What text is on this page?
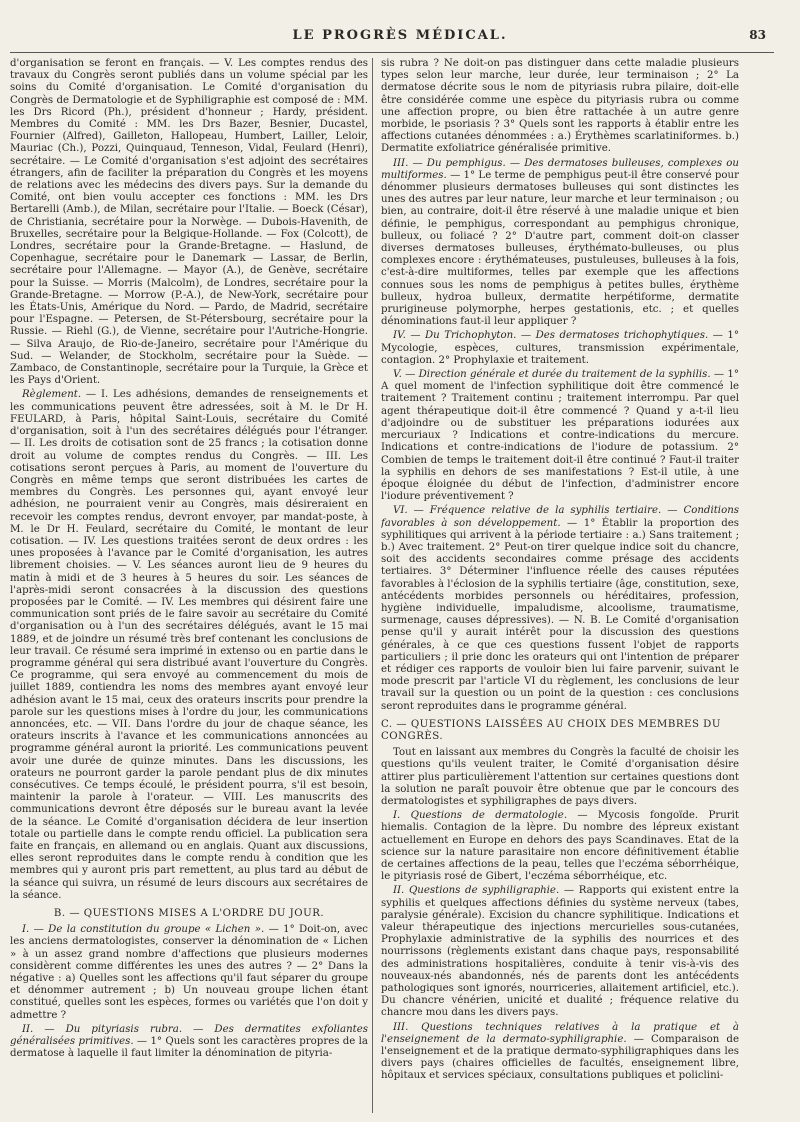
LE PROGRÈS MÉDICAL.	83

d'organisation se feront en français. — V. Les comptes rendus des travaux du Congrès seront publiés dans un volume spécial par les soins du Comité d'organisation. Le Comité d'organisation du Congrès de Dermatologie et de Syphiligraphie est composé de : MM. les Drs Ricord (Ph.), président d'honneur ; Hardy, président. Membres du Comité : MM. les Drs Bazer, Besnier, Ducastel, Fournier (Alfred), Gailleton, Hallopeau, Humbert, Lailler, Leloir, Mauriac (Ch.), Pozzi, Quinquaud, Tenneson, Vidal, Feulard (Henri), secrétaire. — Le Comité d'organisation s'est adjoint des secrétaires étrangers, afin de faciliter la préparation du Congrès et les moyens de relations avec les médecins des divers pays. Sur la demande du Comité, ont bien voulu accepter ces fonctions : MM. les Drs Bertarelli (Amb.), de Milan, secrétaire pour l'Italie. — Boeck (César), de Christiania, secrétaire pour la Norwège. — Dubois-Havenith, de Bruxelles, secrétaire pour la Belgique-Hollande. — Fox (Colcott), de Londres, secrétaire pour la Grande-Bretagne. — Haslund, de Copenhague, secrétaire pour le Danemark — Lassar, de Berlin, secrétaire pour l'Allemagne. — Mayor (A.), de Genève, secrétaire pour la Suisse. — Morris (Malcolm), de Londres, secrétaire pour la Grande-Bretagne. — Morrow (P.-A.), de New-York, secrétaire pour les États-Unis, Amérique du Nord. — Pardo, de Madrid, secrétaire pour l'Espagne. — Petersen, de St-Pétersbourg, secrétaire pour la Russie. — Riehl (G.), de Vienne, secrétaire pour l'Autriche-Hongrie. — Silva Araujo, de Rio-de-Janeiro, secrétaire pour l'Amérique du Sud. — Welander, de Stockholm, secrétaire pour la Suède. — Zambaco, de Constantinople, secrétaire pour la Turquie, la Grèce et les Pays d'Orient.

Règlement. — I. Les adhésions, demandes de renseignements et les communications peuvent être adressées, soit à M. le Dr H. FEULARD, à Paris, hôpital Saint-Louis, secrétaire du Comité d'organisation, soit à l'un des secrétaires délégués pour l'étranger. — II. Les droits de cotisation sont de 25 francs ; la cotisation donne droit au volume de comptes rendus du Congrès. — III. Les cotisations seront perçues à Paris, au moment de l'ouverture du Congrès en même temps que seront distribuées les cartes de membres du Congrès. Les personnes qui, ayant envoyé leur adhésion, ne pourraient venir au Congrès, mais désireraient en recevoir les comptes rendus, devront envoyer, par mandat-poste, à M. le Dr H. Feulard, secrétaire du Comité, le montant de leur cotisation. — IV. Les questions traitées seront de deux ordres : les unes proposées à l'avance par le Comité d'organisation, les autres librement choisies. — V. Les séances auront lieu de 9 heures du matin à midi et de 3 heures à 5 heures du soir. Les séances de l'après-midi seront consacrées à la discussion des questions proposées par le Comité. — IV. Les membres qui désirent faire une communication sont priés de le faire savoir au secrétaire du Comité d'organisation ou à l'un des secrétaires délégués, avant le 15 mai 1889, et de joindre un résumé très bref contenant les conclusions de leur travail. Ce résumé sera imprimé in extenso ou en partie dans le programme général qui sera distribué avant l'ouverture du Congrès. Ce programme, qui sera envoyé au commencement du mois de juillet 1889, contiendra les noms des membres ayant envoyé leur adhésion avant le 15 mai, ceux des orateurs inscrits pour prendre la parole sur les questions mises à l'ordre du jour, les communications annoncées, etc. — VII. Dans l'ordre du jour de chaque séance, les orateurs inscrits à l'avance et les communications annoncées au programme général auront la priorité. Les communications peuvent avoir une durée de quinze minutes. Dans les discussions, les orateurs ne pourront garder la parole pendant plus de dix minutes consécutives. Ce temps écoulé, le président pourra, s'il est besoin, maintenir la parole à l'orateur. — VIII. Les manuscrits des communications devront être déposés sur le bureau avant la levée de la séance. Le Comité d'organisation décidera de leur insertion totale ou partielle dans le compte rendu officiel. La publication sera faite en français, en allemand ou en anglais. Quant aux discussions, elles seront reproduites dans le compte rendu à condition que les membres qui y auront pris part remettent, au plus tard au début de la séance qui suivra, un résumé de leurs discours aux secrétaires de la séance.

B. — QUESTIONS MISES A L'ORDRE DU JOUR.

I. — De la constitution du groupe « Lichen ». — 1° Doit-on, avec les anciens dermatologistes, conserver la dénomination de « Lichen » à un assez grand nombre d'affections que plusieurs modernes considèrent comme différentes les unes des autres ? — 2° Dans la négative : a) Quelles sont les affections qu'il faut séparer du groupe et dénommer autrement ; b) Un nouveau groupe lichen étant constitué, quelles sont les espèces, formes ou variétés que l'on doit y admettre ?

II. — Du pityriasis rubra. — Des dermatites exfoliantes généralisées primitives. — 1° Quels sont les caractères propres de la dermatose à laquelle il faut limiter la dénomination de pityria-

sis rubra ? Ne doit-on pas distinguer dans cette maladie plusieurs types selon leur marche, leur durée, leur terminaison ; 2° La dermatose décrite sous le nom de pityriasis rubra pilaire, doit-elle être considérée comme une espèce du pityriasis rubra ou comme une affection propre, ou bien être rattachée à un autre genre morbide, le psoriasis ? 3° Quels sont les rapports à établir entre les affections cutanées dénommées : a.) Érythèmes scarlatiniformes. b.) Dermatite exfoliatrice généralisée primitive.

III. — Du pemphigus. — Des dermatoses bulleuses, complexes ou multiformes. — 1° Le terme de pemphigus peut-il être conservé pour dénommer plusieurs dermatoses bulleuses qui sont distinctes les unes des autres par leur nature, leur marche et leur terminaison ; ou bien, au contraire, doit-il être réservé à une maladie unique et bien définie, le pemphigus, correspondant au pemphigus chronique, bulleux, ou foliacé ? 2° D'autre part, comment doit-on classer diverses dermatoses bulleuses, érythémato-bulleuses, ou plus complexes encore : érythémateuses, pustuleuses, bulleuses à la fois, c'est-à-dire multiformes, telles par exemple que les affections connues sous les noms de pemphigus à petites bulles, érythème bulleux, hydroa bulleux, dermatite herpétiforme, dermatite prurigineuse polymorphe, herpes gestationis, etc. ; et quelles dénominations faut-il leur appliquer ?

IV. — Du Trichophyton. — Des dermatoses trichophytiques. — 1° Mycologie, espèces, cultures, transmission expérimentale, contagion. 2° Prophylaxie et traitement.

V. — Direction générale et durée du traitement de la syphilis. — 1° A quel moment de l'infection syphilitique doit être commencé le traitement ? Traitement continu ; traitement interrompu. Par quel agent thérapeutique doit-il être commencé ? Quand y a-t-il lieu d'adjoindre ou de substituer les préparations iodurées aux mercuriaux ? Indications et contre-indications du mercure. Indications et contre-indications de l'iodure de potassium. 2° Combien de temps le traitement doit-il être continué ? Faut-il traiter la syphilis en dehors de ses manifestations ? Est-il utile, à une époque éloignée du début de l'infection, d'administrer encore l'iodure préventivement ?

VI. — Fréquence relative de la syphilis tertiaire. — Conditions favorables à son développement. — 1° Établir la proportion des syphilitiques qui arrivent à la période tertiaire : a.) Sans traitement ; b.) Avec traitement. 2° Peut-on tirer quelque indice soit du chancre, soit des accidents secondaires comme présage des accidents tertiaires. 3° Déterminer l'influence réelle des causes réputées favorables à l'éclosion de la syphilis tertiaire (âge, constitution, sexe, antécédents morbides personnels ou héréditaires, profession, hygiène individuelle, impaludisme, alcoolisme, traumatisme, surmenage, causes dépressives). — N. B. Le Comité d'organisation pense qu'il y aurait intérêt pour la discussion des questions générales, à ce que ces questions fussent l'objet de rapports particuliers ; il prie donc les orateurs qui ont l'intention de préparer et rédiger ces rapports de vouloir bien lui faire parvenir, suivant le mode prescrit par l'article VI du règlement, les conclusions de leur travail sur la question ou un point de la question : ces conclusions seront reproduites dans le programme général.

C. — QUESTIONS LAISSÉES AU CHOIX DES MEMBRES DU CONGRÈS.

Tout en laissant aux membres du Congrès la faculté de choisir les questions qu'ils veulent traiter, le Comité d'organisation désire attirer plus particulièrement l'attention sur certaines questions dont la solution ne paraît pouvoir être obtenue que par le concours des dermatologistes et syphiligraphes de pays divers.

I. Questions de dermatologie. — Mycosis fongoïde. Prurit hiemalis. Contagion de la lèpre. Du nombre des lépreux existant actuellement en Europe en dehors des pays Scandinaves. Etat de la science sur la nature parasitaire non encore définitivement établie de certaines affections de la peau, telles que l'eczéma séborrhéique, le pityriasis rosé de Gibert, l'eczéma séborrhéique, etc.

II. Questions de syphiligraphie. — Rapports qui existent entre la syphilis et quelques affections définies du système nerveux (tabes, paralysie générale). Excision du chancre syphilitique. Indications et valeur thérapeutique des injections mercurielles sous-cutanées, Prophylaxie administrative de la syphilis des nourrices et des nourrissons (règlements existant dans chaque pays, responsabilité des administrations hospitalières, conduite à tenir vis-à-vis des nouveaux-nés abandonnés, nés de parents dont les antécédents pathologiques sont ignorés, nourriceries, allaitement artificiel, etc.). Du chancre vénérien, unicité et dualité ; fréquence relative du chancre mou dans les divers pays.

III. Questions techniques relatives à la pratique et à l'enseignement de la dermato-syphiligraphie. — Comparaison de l'enseignement et de la pratique dermato-syphiligraphiques dans les divers pays (chaires officielles de facultés, enseignement libre, hôpitaux et services spéciaux, consultations publiques et policlini-
